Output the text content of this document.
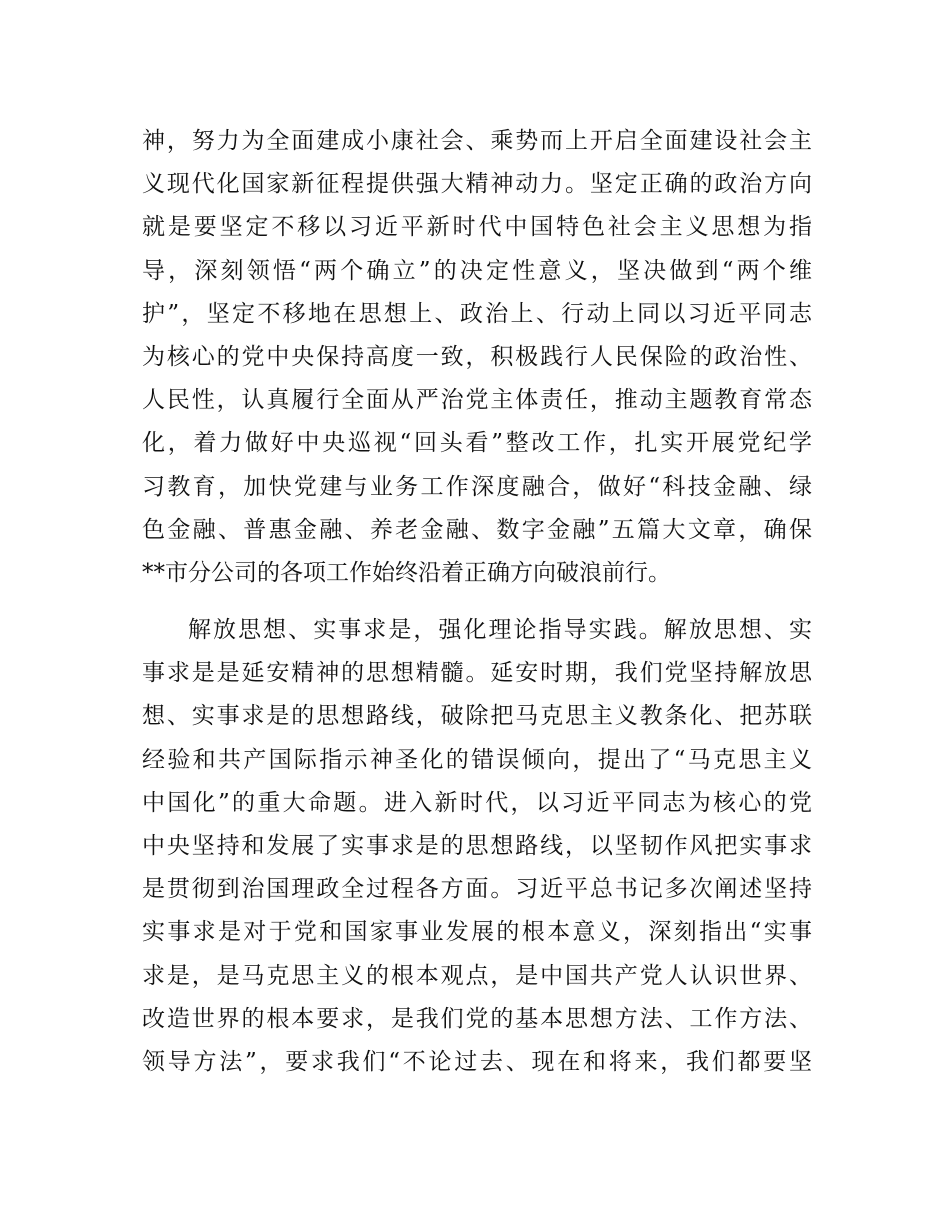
神，努力为全面建成小康社会、乘势而上开启全面建设社会主
义现代化国家新征程提供强大精神动力。坚定正确的政治方向
就是要坚定不移以习近平新时代中国特色社会主义思想为指
导，深刻领悟“两个确立”的决定性意义，坚决做到“两个维
护”，坚定不移地在思想上、政治上、行动上同以习近平同志
为核心的党中央保持高度一致，积极践行人民保险的政治性、
人民性，认真履行全面从严治党主体责任，推动主题教育常态
化，着力做好中央巡视“回头看”整改工作，扎实开展党纪学
习教育，加快党建与业务工作深度融合，做好“科技金融、绿
色金融、普惠金融、养老金融、数字金融”五篇大文章，确保
**市分公司的各项工作始终沿着正确方向破浪前行。
解放思想、实事求是，强化理论指导实践。解放思想、实
事求是是延安精神的思想精髓。延安时期，我们党坚持解放思
想、实事求是的思想路线，破除把马克思主义教条化、把苏联
经验和共产国际指示神圣化的错误倾向，提出了“马克思主义
中国化”的重大命题。进入新时代，以习近平同志为核心的党
中央坚持和发展了实事求是的思想路线，以坚韧作风把实事求
是贯彻到治国理政全过程各方面。习近平总书记多次阐述坚持
实事求是对于党和国家事业发展的根本意义，深刻指出“实事
求是，是马克思主义的根本观点，是中国共产党人认识世界、
改造世界的根本要求，是我们党的基本思想方法、工作方法、
领导方法”，要求我们“不论过去、现在和将来，我们都要坚
